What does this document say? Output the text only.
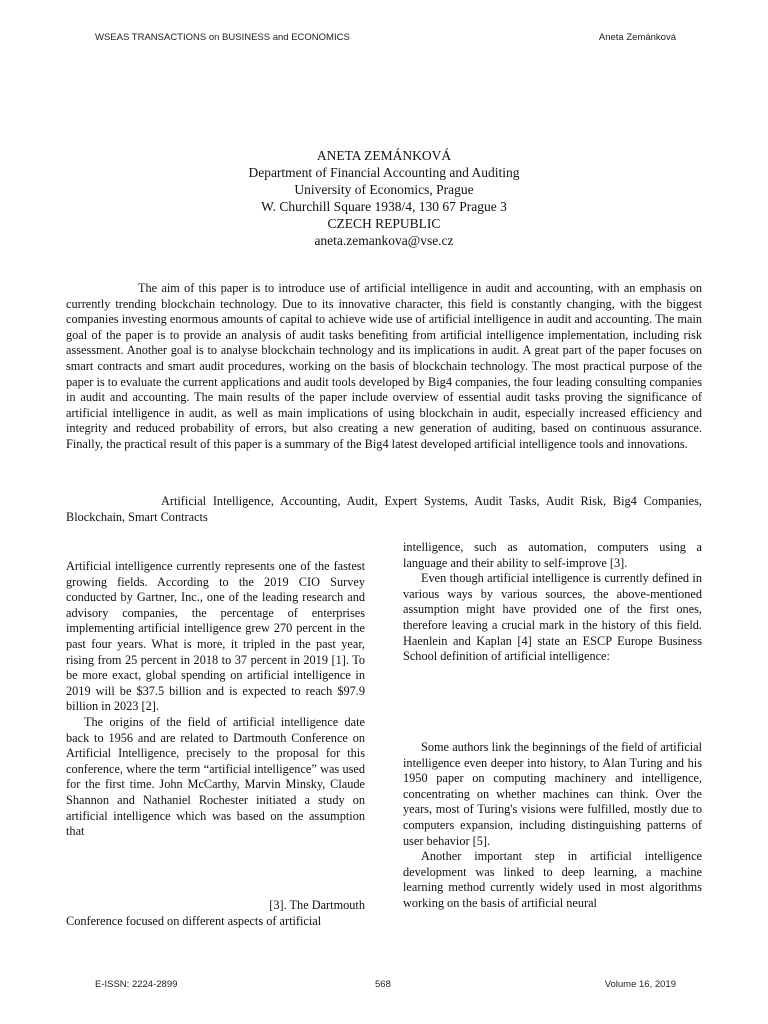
WSEAS TRANSACTIONS on BUSINESS and ECONOMICS	Aneta Zemánková
ANETA ZEMÁNKOVÁ
Department of Financial Accounting and Auditing
University of Economics, Prague
W. Churchill Square 1938/4, 130 67 Prague 3
CZECH REPUBLIC
aneta.zemankova@vse.cz

The aim of this paper is to introduce use of artificial intelligence in audit and accounting, with an emphasis on currently trending blockchain technology. Due to its innovative character, this field is constantly changing, with the biggest companies investing enormous amounts of capital to achieve wide use of artificial intelligence in audit and accounting. The main goal of the paper is to provide an analysis of audit tasks benefiting from artificial intelligence implementation, including risk assessment. Another goal is to analyse blockchain technology and its implications in audit. A great part of the paper focuses on smart contracts and smart audit procedures, working on the basis of blockchain technology. The most practical purpose of the paper is to evaluate the current applications and audit tools developed by Big4 companies, the four leading consulting companies in audit and accounting. The main results of the paper include overview of essential audit tasks proving the significance of artificial intelligence in audit, as well as main implications of using blockchain in audit, especially increased efficiency and integrity and reduced probability of errors, but also creating a new generation of auditing, based on continuous assurance. Finally, the practical result of this paper is a summary of the Big4 latest developed artificial intelligence tools and innovations.

Artificial Intelligence, Accounting, Audit, Expert Systems, Audit Tasks, Audit Risk, Big4 Companies, Blockchain, Smart Contracts

Artificial intelligence currently represents one of the fastest growing fields. According to the 2019 CIO Survey conducted by Gartner, Inc., one of the leading research and advisory companies, the percentage of enterprises implementing artificial intelligence grew 270 percent in the past four years. What is more, it tripled in the past year, rising from 25 percent in 2018 to 37 percent in 2019 [1]. To be more exact, global spending on artificial intelligence in 2019 will be $37.5 billion and is expected to reach $97.9 billion in 2023 [2].

The origins of the field of artificial intelligence date back to 1956 and are related to Dartmouth Conference on Artificial Intelligence, precisely to the proposal for this conference, where the term “artificial intelligence” was used for the first time. John McCarthy, Marvin Minsky, Claude Shannon and Nathaniel Rochester initiated a study on artificial intelligence which was based on the assumption that

[3]. The Dartmouth

Conference focused on different aspects of artificial

intelligence, such as automation, computers using a language and their ability to self-improve [3].

Even though artificial intelligence is currently defined in various ways by various sources, the above-mentioned assumption might have provided one of the first ones, therefore leaving a crucial mark in the history of this field. Haenlein and Kaplan [4] state an ESCP Europe Business School definition of artificial intelligence:

Some authors link the beginnings of the field of artificial intelligence even deeper into history, to Alan Turing and his 1950 paper on computing machinery and intelligence, concentrating on whether machines can think. Over the years, most of Turing's visions were fulfilled, mostly due to computers expansion, including distinguishing patterns of user behavior [5].

Another important step in artificial intelligence development was linked to deep learning, a machine learning method currently widely used in most algorithms working on the basis of artificial neural

E-ISSN: 2224-2899	568	Volume 16, 2019
